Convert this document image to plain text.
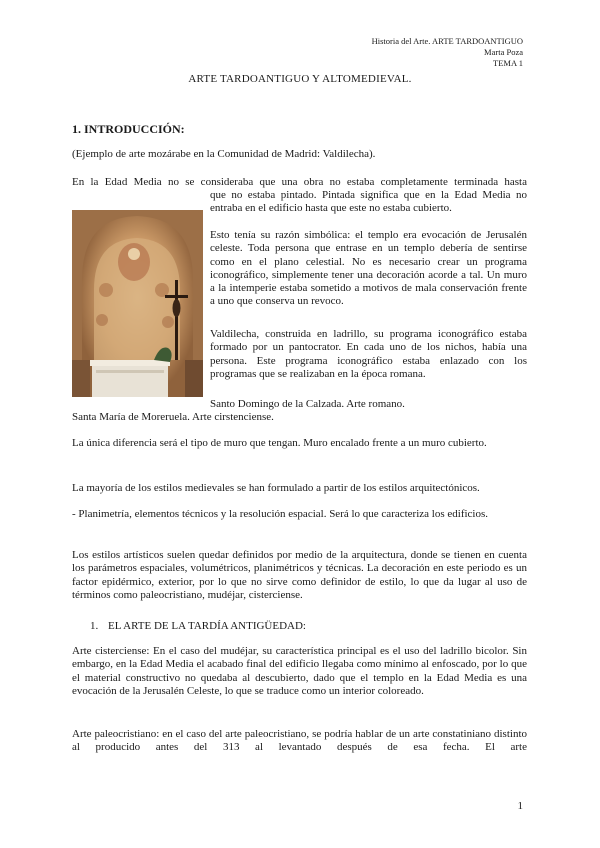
Historia del Arte. ARTE TARDOANTIGUO
Marta Poza
TEMA 1
ARTE TARDOANTIGUO Y ALTOMEDIEVAL.
1. INTRODUCCIÓN:
(Ejemplo de arte mozárabe en la Comunidad de Madrid: Valdilecha).
En la Edad Media no se consideraba que una obra no estaba completamente terminada hasta
que no estaba pintado. Pintada significa que en la Edad Media no entraba en el edificio hasta que este no estaba cubierto.
Esto tenía su razón simbólica: el templo era evocación de Jerusalén celeste. Toda persona que entrase en un templo debería de sentirse como en el plano celestial. No es necesario crear un programa iconográfico, simplemente tener una decoración acorde a tal. Un muro a la intemperie estaba sometido a motivos de mala conservación frente a uno que conserva un revoco.
Valdilecha, construida en ladrillo, su programa iconográfico estaba formado por un pantocrator. En cada uno de los nichos, había una persona. Este programa iconográfico estaba enlazado con los programas que se realizaban en la época romana.
Santo Domingo de la Calzada. Arte romano.
Santa María de Moreruela. Arte cirstenciense.
La única diferencia será el tipo de muro que tengan. Muro encalado frente a un muro cubierto.
La mayoría de los estilos medievales se han formulado a partir de los estilos arquitectónicos.
- Planimetría, elementos técnicos y la resolución espacial. Será lo que caracteriza los edificios.
Los estilos artísticos suelen quedar definidos por medio de la arquitectura, donde se tienen en cuenta los parámetros espaciales, volumétricos, planimétricos y técnicas. La decoración en este periodo es un factor epidérmico, exterior, por lo que no sirve como definidor de estilo, lo que da lugar al uso de términos como paleocristiano, mudéjar, cisterciense.
1. EL ARTE DE LA TARDÍA ANTIGÜEDAD:
Arte cisterciense: En el caso del mudéjar, su característica principal es el uso del ladrillo bicolor. Sin embargo, en la Edad Media el acabado final del edificio llegaba como mínimo al enfoscado, por lo que el material constructivo no quedaba al descubierto, dado que el templo en la Edad Media es una evocación de la Jerusalén Celeste, lo que se traduce como un interior coloreado.
Arte paleocristiano: en el caso del arte paleocristiano, se podría hablar de un arte constatiniano distinto al producido antes del 313 al levantado después de esa fecha. El arte
1
